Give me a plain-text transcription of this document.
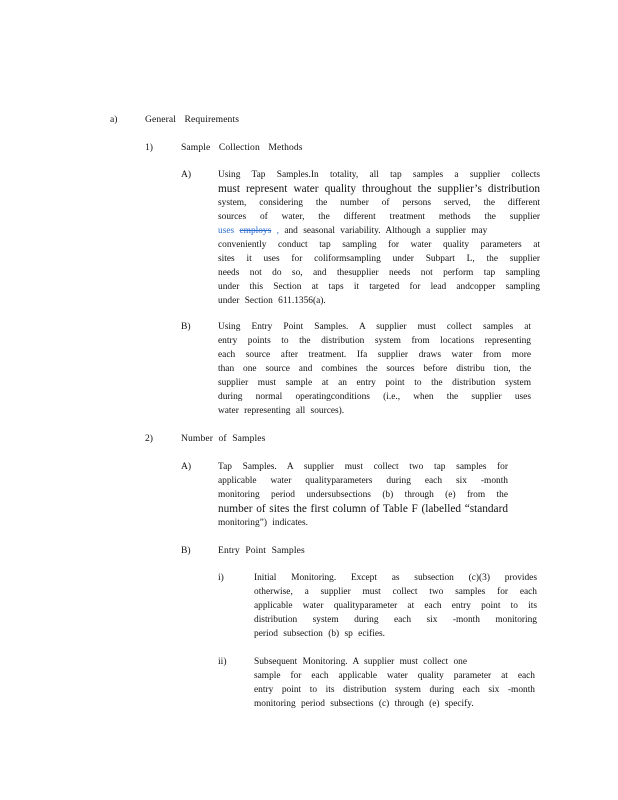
a)	General Requirements
1)	Sample Collection Methods
A)	Using Tap Samples.In totality, all tap samples a supplier collects
must represent water quality throughout the supplier’s distribution
system, considering the number of persons served, the different
sources of water, the different treatment methods the supplier
uses employs , and seasonal variability. Although a supplier may
conveniently conduct tap sampling for water quality parameters at
sites it uses for coliformsampling under Subpart L, the supplier
needs not do so, and thesupplier needs not perform tap sampling
under this Section at taps it targeted for lead andcopper sampling
under Section 611.1356(a).
B)	Using Entry Point Samples. A supplier must collect samples at
entry points to the distribution system from locations representing
each source after treatment. Ifa supplier draws water from more
than one source and combines the sources before distribu tion, the
supplier must sample at an entry point to the distribution system
during normal operatingconditions (i.e., when the supplier uses
water representing all sources).
2)	Number of Samples
A)	Tap Samples. A supplier must collect two tap samples for
applicable water qualityparameters during each six -month
monitoring period undersubsections (b) through (e) from the
number of sites the first column of Table F (labelled “standard
monitoring”) indicates.
B)	Entry Point Samples
i)	Initial Monitoring. Except as subsection (c)(3) provides
otherwise, a supplier must collect two samples for each
applicable water qualityparameter at each entry point to its
distribution system during each six -month monitoring
period subsection (b) sp ecifies.
ii)	Subsequent Monitoring. A supplier must collect one
sample for each applicable water quality parameter at each
entry point to its distribution system during each six -month
monitoring period subsections (c) through (e) specify.
